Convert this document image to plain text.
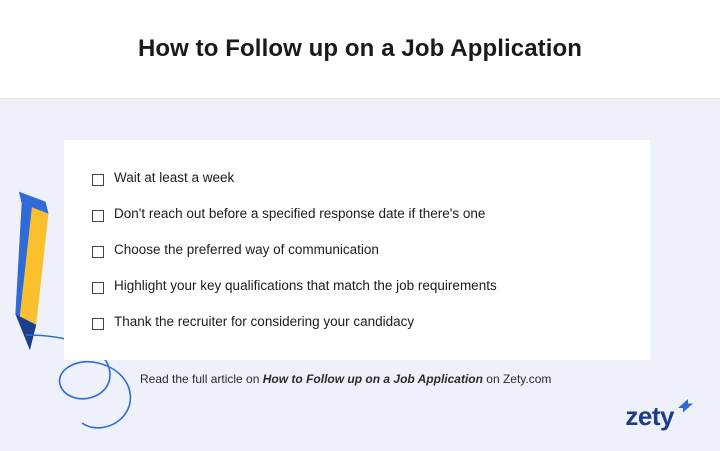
How to Follow up on a Job Application
Wait at least a week
Don't reach out before a specified response date if there's one
Choose the preferred way of communication
Highlight your key qualifications that match the job requirements
Thank the recruiter for considering your candidacy
Read the full article on How to Follow up on a Job Application on Zety.com
zety
